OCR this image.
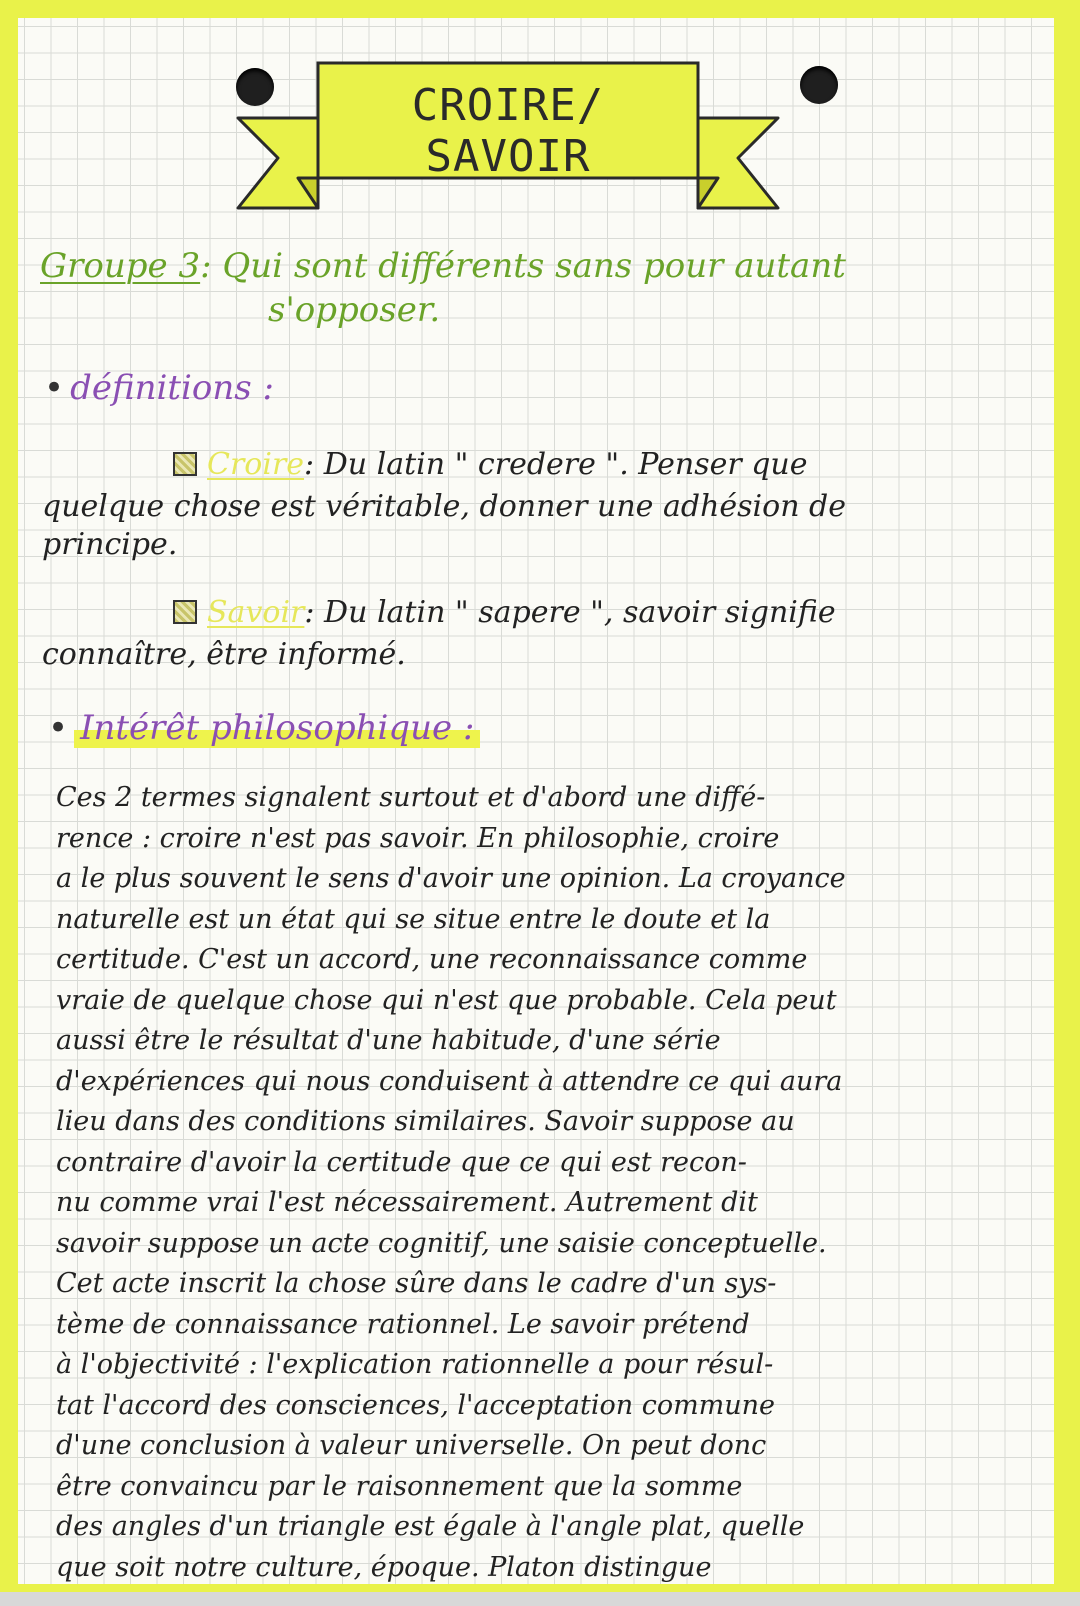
CROIRE/ SAVOIR
Groupe 3: Qui sont différents sans pour autant
s'opposer.
• définitions :
Croire: Du latin " credere ". Penser que
quelque chose est véritable, donner une adhésion de
principe.
Savoir: Du latin " sapere ", savoir signifie
connaître, être informé.
• Intérêt philosophique :
Ces 2 termes signalent surtout et d'abord une diffé-
rence : croire n'est pas savoir. En philosophie, croire
a le plus souvent le sens d'avoir une opinion. La croyance
naturelle est un état qui se situe entre le doute et la
certitude. C'est un accord, une reconnaissance comme
vraie de quelque chose qui n'est que probable. Cela peut
aussi être le résultat d'une habitude, d'une série
d'expériences qui nous conduisent à attendre ce qui aura
lieu dans des conditions similaires. Savoir suppose au
contraire d'avoir la certitude que ce qui est recon-
nu comme vrai l'est nécessairement. Autrement dit
savoir suppose un acte cognitif, une saisie conceptuelle.
Cet acte inscrit la chose sûre dans le cadre d'un sys-
tème de connaissance rationnel. Le savoir prétend
à l'objectivité : l'explication rationnelle a pour résul-
tat l'accord des consciences, l'acceptation commune
d'une conclusion à valeur universelle. On peut donc
être convaincu par le raisonnement que la somme
des angles d'un triangle est égale à l'angle plat, quelle
que soit notre culture, époque. Platon distingue
